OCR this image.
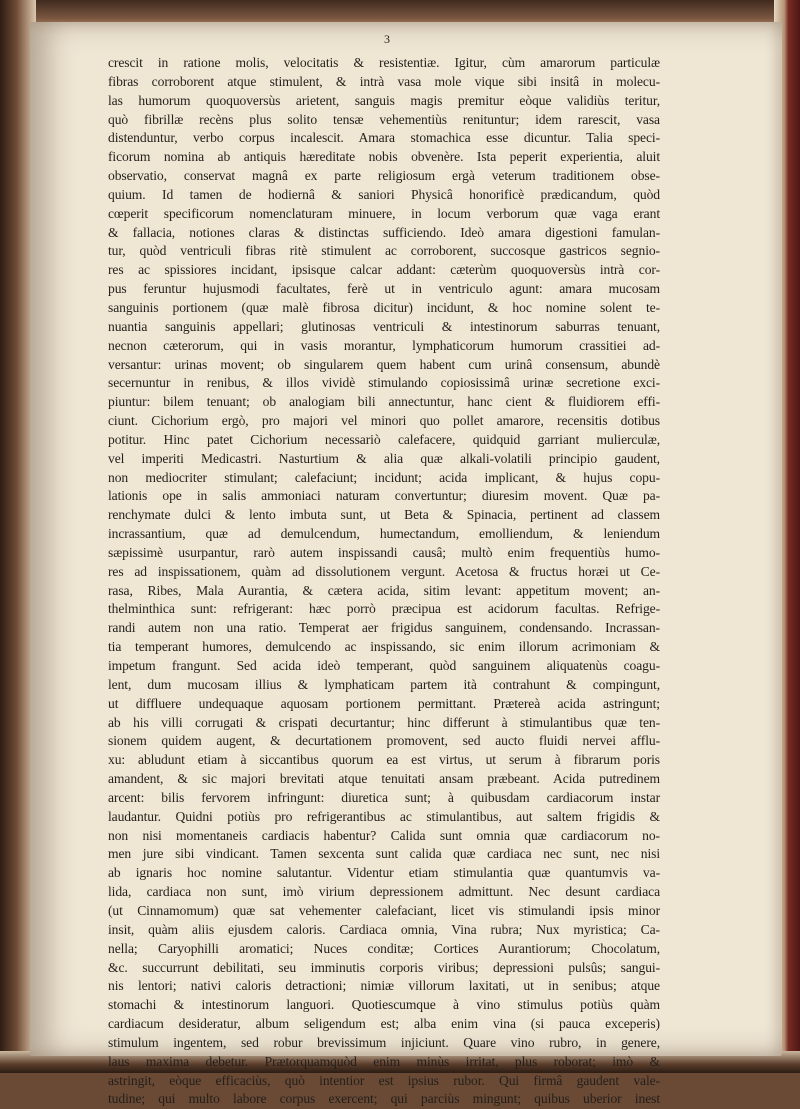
3
crescit in ratione molis, velocitatis & resistentiæ. Igitur, cùm amarorum particulæ
fibras corroborent atque stimulent, & intrà vasa mole vique sibi insitâ in molecu-
las humorum quoquoversùs arietent, sanguis magis premitur eòque validiùs teritur,
quò fibrillæ recèns plus solito tensæ vehementiùs renituntur; idem rarescit, vasa
distenduntur, verbo corpus incalescit. Amara stomachica esse dicuntur. Talia speci-
ficorum nomina ab antiquis hæreditate nobis obvenère. Ista peperit experientia, aluit
observatio, conservat magnâ ex parte religiosum ergà veterum traditionem obse-
quium. Id tamen de hodiernâ & saniori Physicâ honorificè prædicandum, quòd
cœperit specificorum nomenclaturam minuere, in locum verborum quæ vaga erant
& fallacia, notiones claras & distinctas sufficiendo. Ideò amara digestioni famulan-
tur, quòd ventriculi fibras ritè stimulent ac corroborent, succosque gastricos segnio-
res ac spissiores incidant, ipsisque calcar addant: cæterùm quoquoversùs intrà cor-
pus feruntur hujusmodi facultates, ferè ut in ventriculo agunt: amara mucosam
sanguinis portionem (quæ malè fibrosa dicitur) incidunt, & hoc nomine solent te-
nuantia sanguinis appellari; glutinosas ventriculi & intestinorum saburras tenuant,
necnon cæterorum, qui in vasis morantur, lymphaticorum humorum crassitiei ad-
versantur: urinas movent; ob singularem quem habent cum urinâ consensum, abundè
secernuntur in renibus, & illos vividè stimulando copiosissimâ urinæ secretione exci-
piuntur: bilem tenuant; ob analogiam bili annectuntur, hanc cient & fluidiorem effi-
ciunt. Cichorium ergò, pro majori vel minori quo pollet amarore, recensitis dotibus
potitur. Hinc patet Cichorium necessariò calefacere, quidquid garriant mulierculæ,
vel imperiti Medicastri. Nasturtium & alia quæ alkali-volatili principio gaudent,
non mediocriter stimulant; calefaciunt; incidunt; acida implicant, & hujus copu-
lationis ope in salis ammoniaci naturam convertuntur; diuresim movent. Quæ pa-
renchymate dulci & lento imbuta sunt, ut Beta & Spinacia, pertinent ad classem
incrassantium, quæ ad demulcendum, humectandum, emolliendum, & leniendum
sæpissimè usurpantur, rarò autem inspissandi causâ; multò enim frequentiùs humo-
res ad inspissationem, quàm ad dissolutionem vergunt. Acetosa & fructus horæi ut Ce-
rasa, Ribes, Mala Aurantia, & cætera acida, sitim levant: appetitum movent; an-
thelminthica sunt: refrigerant: hæc porrò præcipua est acidorum facultas. Refrige-
randi autem non una ratio. Temperat aer frigidus sanguinem, condensando. Incrassan-
tia temperant humores, demulcendo ac inspissando, sic enim illorum acrimoniam &
impetum frangunt. Sed acida ideò temperant, quòd sanguinem aliquatenùs coagu-
lent, dum mucosam illius & lymphaticam partem ità contrahunt & compingunt,
ut diffluere undequaque aquosam portionem permittant. Prætereà acida astringunt;
ab his villi corrugati & crispati decurtantur; hinc differunt à stimulantibus quæ ten-
sionem quidem augent, & decurtationem promovent, sed aucto fluidi nervei afflu-
xu: abludunt etiam à siccantibus quorum ea est virtus, ut serum à fibrarum poris
amandent, & sic majori brevitati atque tenuitati ansam præbeant. Acida putredinem
arcent: bilis fervorem infringunt: diuretica sunt; à quibusdam cardiacorum instar
laudantur. Quidni potiùs pro refrigerantibus ac stimulantibus, aut saltem frigidis &
non nisi momentaneis cardiacis habentur? Calida sunt omnia quæ cardiacorum no-
men jure sibi vindicant. Tamen sexcenta sunt calida quæ cardiaca nec sunt, nec nisi
ab ignaris hoc nomine salutantur. Videntur etiam stimulantia quæ quantumvis va-
lida, cardiaca non sunt, imò virium depressionem admittunt. Nec desunt cardiaca
(ut Cinnamomum) quæ sat vehementer calefaciant, licet vis stimulandi ipsis minor
insit, quàm aliis ejusdem caloris. Cardiaca omnia, Vina rubra; Nux myristica; Ca-
nella; Caryophilli aromatici; Nuces conditæ; Cortices Aurantiorum; Chocolatum,
&c. succurrunt debilitati, seu imminutis corporis viribus; depressioni pulsûs; sangui-
nis lentori; nativi caloris detractioni; nimiæ villorum laxitati, ut in senibus; atque
stomachi & intestinorum languori. Quotiescumque à vino stimulus potiùs quàm
cardiacum desideratur, album seligendum est; alba enim vina (si pauca exceperis)
stimulum ingentem, sed robur brevissimum injiciunt. Quare vino rubro, in genere,
laus maxima debetur. Prætorquamquòd enim minùs irritat, plus roborat; imò &
astringit, eòque efficaciùs, quò intentior est ipsius rubor. Qui firmâ gaudent vale-
tudine; qui multo labore corpus exercent; qui parciùs mingunt; quibus uberior inest
